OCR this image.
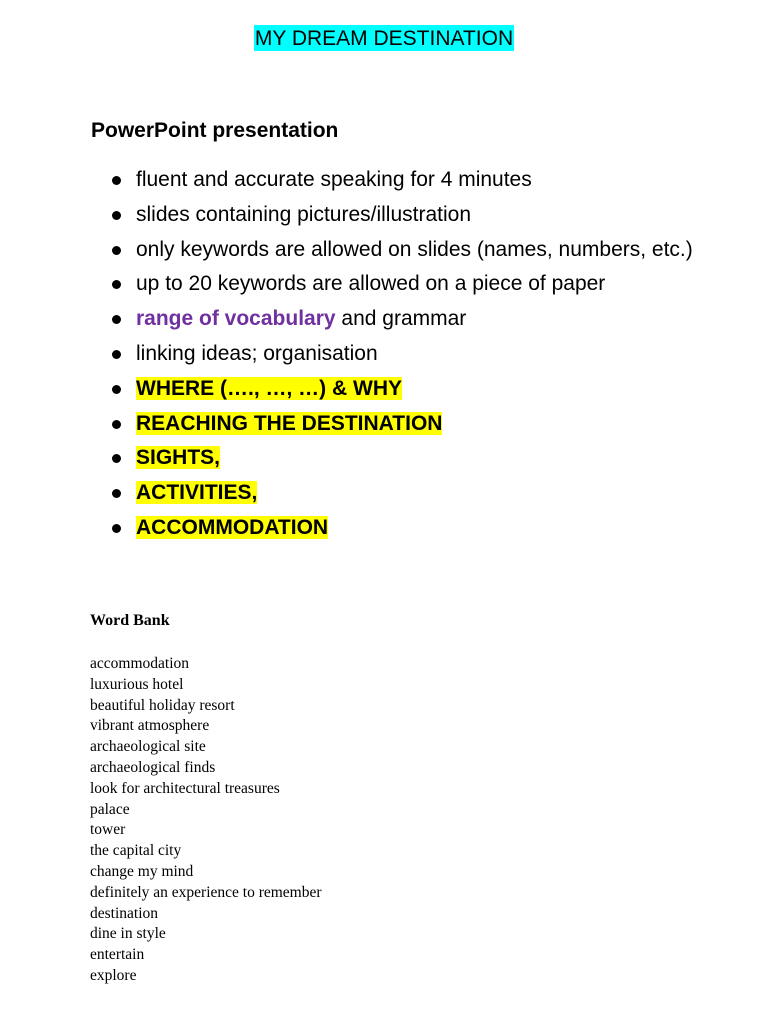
MY DREAM DESTINATION
PowerPoint presentation
fluent and accurate speaking for 4 minutes
slides containing pictures/illustration
only keywords are allowed on slides (names, numbers, etc.)
up to 20 keywords are allowed on a piece of paper
range of vocabulary and grammar
linking ideas; organisation
WHERE (…., …, …) & WHY
REACHING THE DESTINATION
SIGHTS,
ACTIVITIES,
ACCOMMODATION
Word Bank
accommodation
luxurious hotel
beautiful holiday resort
vibrant atmosphere
archaeological site
archaeological finds
look for architectural treasures
palace
tower
the capital city
change my mind
definitely an experience to remember
destination
dine in style
entertain
explore
